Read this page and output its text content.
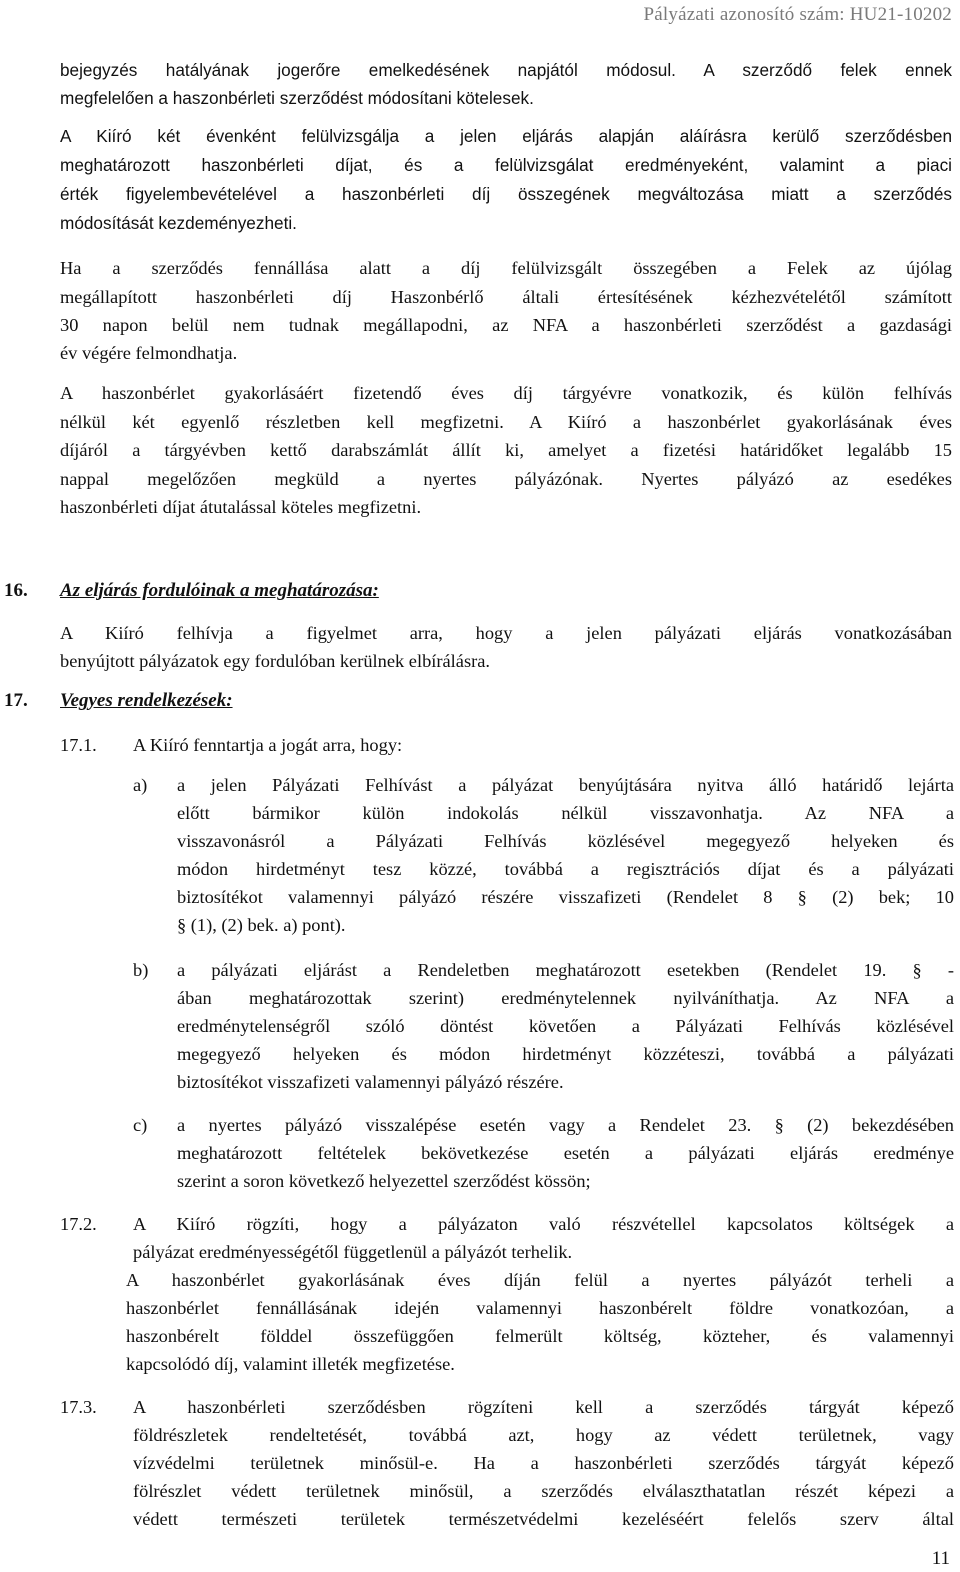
Pályázati azonosító szám: HU21-10202
bejegyzés hatályának jogerőre emelkedésének napjától módosul. A szerződő felek ennek
megfelelően a haszonbérleti szerződést módosítani kötelesek.
A Kiíró két évenként felülvizsgálja a jelen eljárás alapján aláírásra kerülő szerződésben
meghatározott haszonbérleti díjat, és a felülvizsgálat eredményeként, valamint a piaci
érték figyelembevételével a haszonbérleti díj összegének megváltozása miatt a szerződés
módosítását kezdeményezheti.
Ha a szerződés fennállása alatt a díj felülvizsgált összegében a Felek az újólag
megállapított haszonbérleti díj Haszonbérlő általi értesítésének kézhezvételétől számított
30 napon belül nem tudnak megállapodni, az NFA a haszonbérleti szerződést a gazdasági
év végére felmondhatja.
A haszonbérlet gyakorlásáért fizetendő éves díj tárgyévre vonatkozik, és külön felhívás
nélkül két egyenlő részletben kell megfizetni. A Kiíró a haszonbérlet gyakorlásának éves
díjáról a tárgyévben kettő darabszámlát állít ki, amelyet a fizetési határidőket legalább 15
nappal megelőzően megküld a nyertes pályázónak. Nyertes pályázó az esedékes
haszonbérleti díjat átutalással köteles megfizetni.
16. Az eljárás fordulóinak a meghatározása:
A Kiíró felhívja a figyelmet arra, hogy a jelen pályázati eljárás vonatkozásában
benyújtott pályázatok egy fordulóban kerülnek elbírálásra.
17. Vegyes rendelkezések:
17.1. A Kiíró fenntartja a jogát arra, hogy:
a) a jelen Pályázati Felhívást a pályázat benyújtására nyitva álló határidő lejárta
előtt bármikor külön indokolás nélkül visszavonhatja. Az NFA a
visszavonásról a Pályázati Felhívás közlésével megegyező helyeken és
módon hirdetményt tesz közzé, továbbá a regisztrációs díjat és a pályázati
biztosítékot valamennyi pályázó részére visszafizeti (Rendelet 8 § (2) bek; 10
§ (1), (2) bek. a) pont).
b) a pályázati eljárást a Rendeletben meghatározott esetekben (Rendelet 19. § -
ában meghatározottak szerint) eredménytelennek nyilváníthatja. Az NFA a
eredménytelenségről szóló döntést követően a Pályázati Felhívás közlésével
megegyező helyeken és módon hirdetményt közzéteszi, továbbá a pályázati
biztosítékot visszafizeti valamennyi pályázó részére.
c) a nyertes pályázó visszalépése esetén vagy a Rendelet 23. § (2) bekezdésében
meghatározott feltételek bekövetkezése esetén a pályázati eljárás eredménye
szerint a soron következő helyezettel szerződést kössön;
17.2. A Kiíró rögzíti, hogy a pályázaton való részvétellel kapcsolatos költségek a
pályázat eredményességétől függetlenül a pályázót terhelik.
A haszonbérlet gyakorlásának éves díján felül a nyertes pályázót terheli a
haszonbérlet fennállásának idején valamennyi haszonbérelt földre vonatkozóan, a
haszonbérelt földdel összefüggően felmerült költség, közteher, és valamennyi
kapcsolódó díj, valamint illeték megfizetése.
17.3. A haszonbérleti szerződésben rögzíteni kell a szerződés tárgyát képező
földrészletek rendeltetését, továbbá azt, hogy az védett területnek, vagy
vízvédelmi területnek minősül-e. Ha a haszonbérleti szerződés tárgyát képező
fölrészlet védett területnek minősül, a szerződés elválaszthatatlan részét képezi a
védett természeti területek természetvédelmi kezeléséért felelős szerv által
11
